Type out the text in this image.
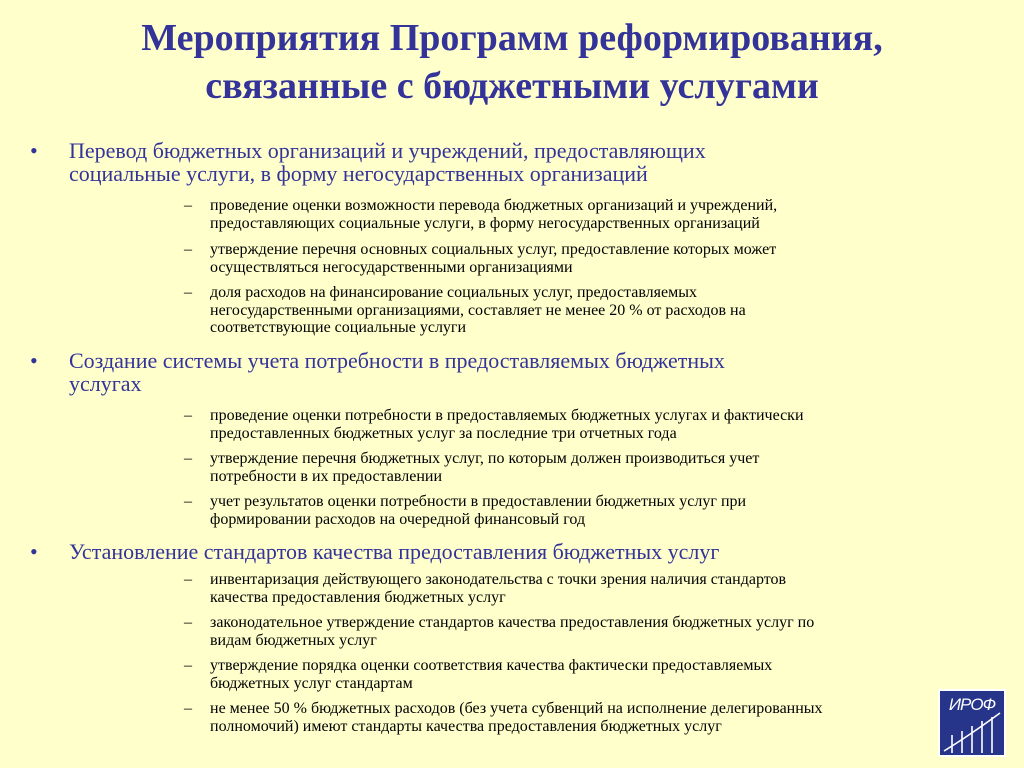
Мероприятия Программ реформирования,
связанные с бюджетными услугами
• Перевод бюджетных организаций и учреждений, предоставляющих
социальные услуги, в форму негосударственных организаций
– проведение оценки возможности перевода бюджетных организаций и учреждений,
предоставляющих социальные услуги, в форму негосударственных организаций
– утверждение перечня основных социальных услуг, предоставление которых может
осуществляться негосударственными организациями
– доля расходов на финансирование социальных услуг, предоставляемых
негосударственными организациями, составляет не менее 20 % от расходов на
соответствующие социальные услуги
• Создание системы учета потребности в предоставляемых бюджетных
услугах
– проведение оценки потребности в предоставляемых бюджетных услугах и фактически
предоставленных бюджетных услуг за последние три отчетных года
– утверждение перечня бюджетных услуг, по которым должен производиться учет
потребности в их предоставлении
– учет результатов оценки потребности в предоставлении бюджетных услуг при
формировании расходов на очередной финансовый год
• Установление стандартов качества предоставления бюджетных услуг
– инвентаризация действующего законодательства с точки зрения наличия стандартов
качества предоставления бюджетных услуг
– законодательное утверждение стандартов качества предоставления бюджетных услуг по
видам бюджетных услуг
– утверждение порядка оценки соответствия качества фактически предоставляемых
бюджетных услуг стандартам
– не менее 50 % бюджетных расходов (без учета субвенций на исполнение делегированных
полномочий) имеют стандарты качества предоставления бюджетных услуг
ИРОФ
